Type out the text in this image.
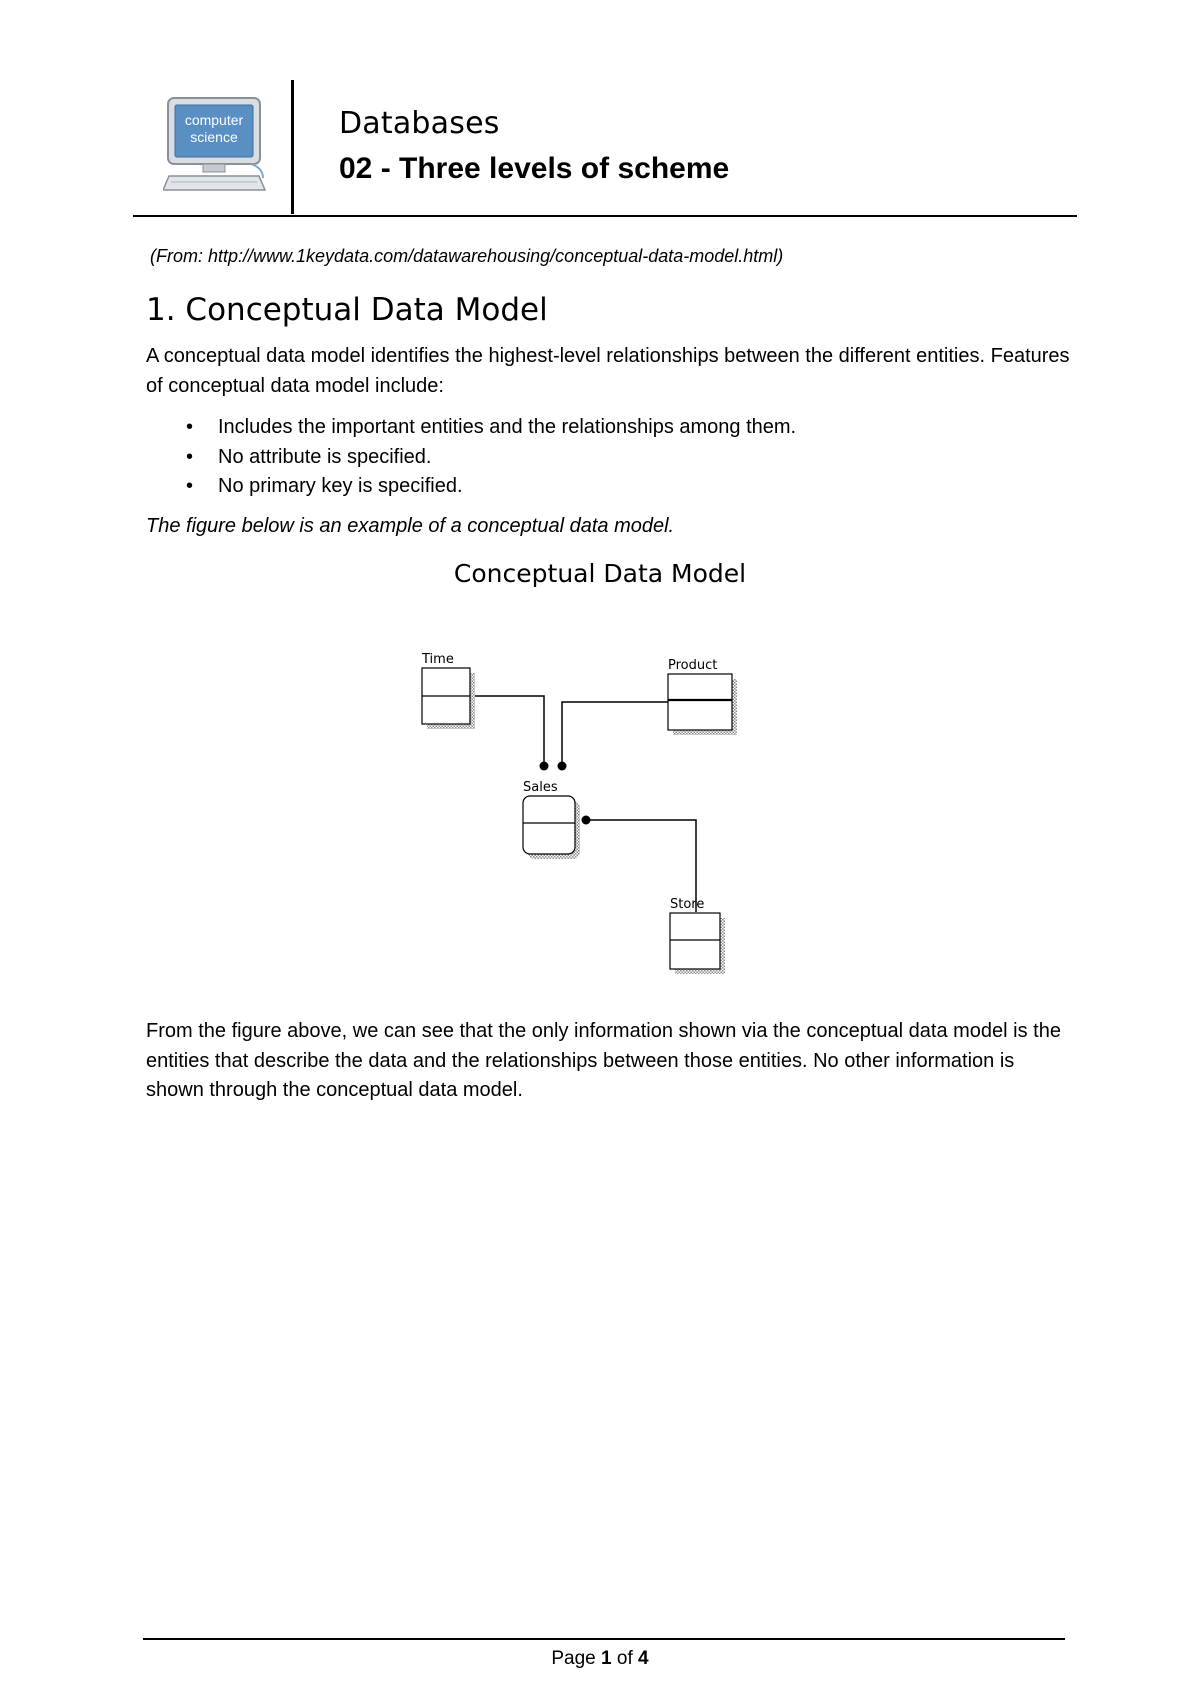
computer
science	Databases
02 - Three levels of scheme
(From: http://www.1keydata.com/datawarehousing/conceptual-data-model.html)
1. Conceptual Data Model
A conceptual data model identifies the highest-level relationships between the different entities. Features of conceptual data model include:
• Includes the important entities and the relationships among them.
• No attribute is specified.
• No primary key is specified.
The figure below is an example of a conceptual data model.
Conceptual Data Model
Time	Product
Sales
Store
From the figure above, we can see that the only information shown via the conceptual data model is the entities that describe the data and the relationships between those entities. No other information is shown through the conceptual data model.
Page 1 of 4
